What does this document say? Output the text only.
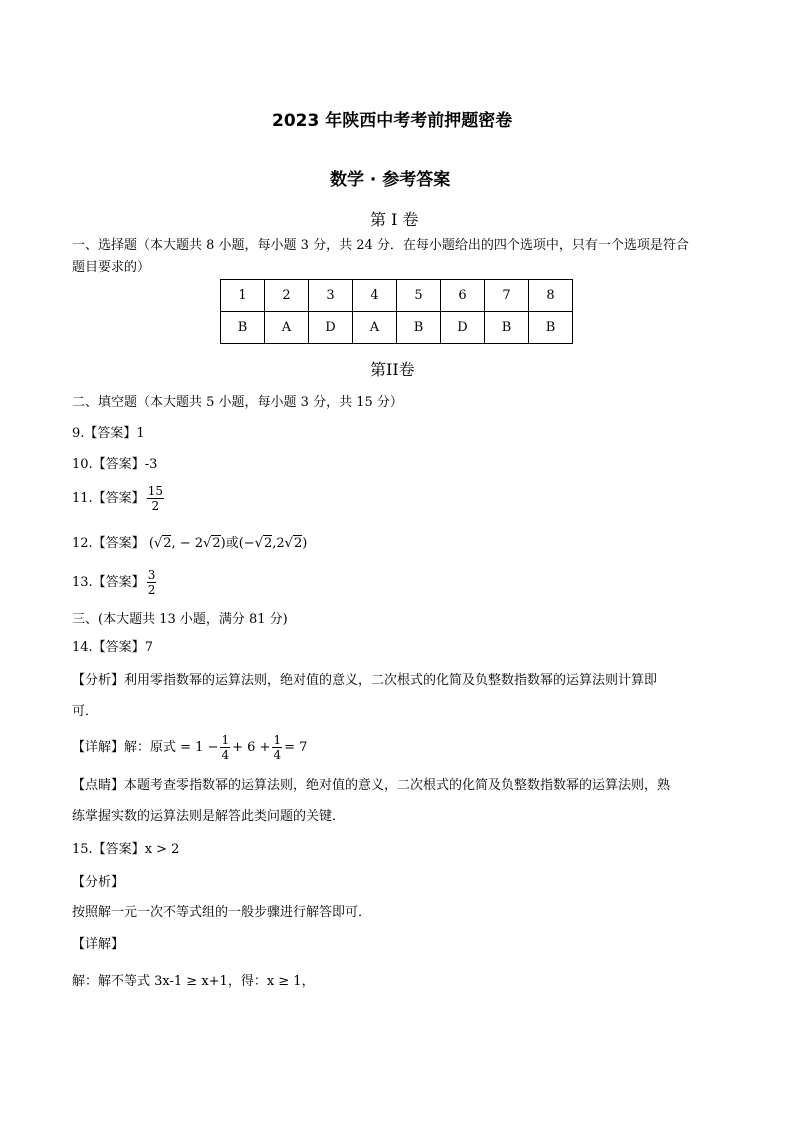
2023 年陕西中考考前押题密卷
数学 · 参考答案
第 I 卷
一、选择题（本大题共 8 小题，每小题 3 分，共 24 分．在每小题给出的四个选项中，只有一个选项是符合
题目要求的）
1	2	3	4	5	6	7	8
B	A	D	A	B	D	B	B
第II卷
二、填空题（本大题共 5 小题，每小题 3 分，共 15 分）
9.【答案】1
10.【答案】-3
11.【答案】 $\frac{15}{2}$
12.【答案】 (√2, − 2√2)或(−√2,2√2)
13.【答案】 $\frac{3}{2}$
三、(本大题共 13 小题，满分 81 分)
14.【答案】7
【分析】利用零指数幂的运算法则，绝对值的意义，二次根式的化简及负整数指数幂的运算法则计算即
可．
【详解】 解：原式 = $1 - \frac{1}{4} + 6 + \frac{1}{4} = 7$
【点睛】本题考查零指数幂的运算法则，绝对值的意义，二次根式的化简及负整数指数幂的运算法则，熟
练掌握实数的运算法则是解答此类问题的关键．
15.【答案】x > 2
【分析】
按照解一元一次不等式组的一般步骤进行解答即可．
【详解】
解：解不等式 3x-1 ≥ x+1，得：x ≥ 1，
